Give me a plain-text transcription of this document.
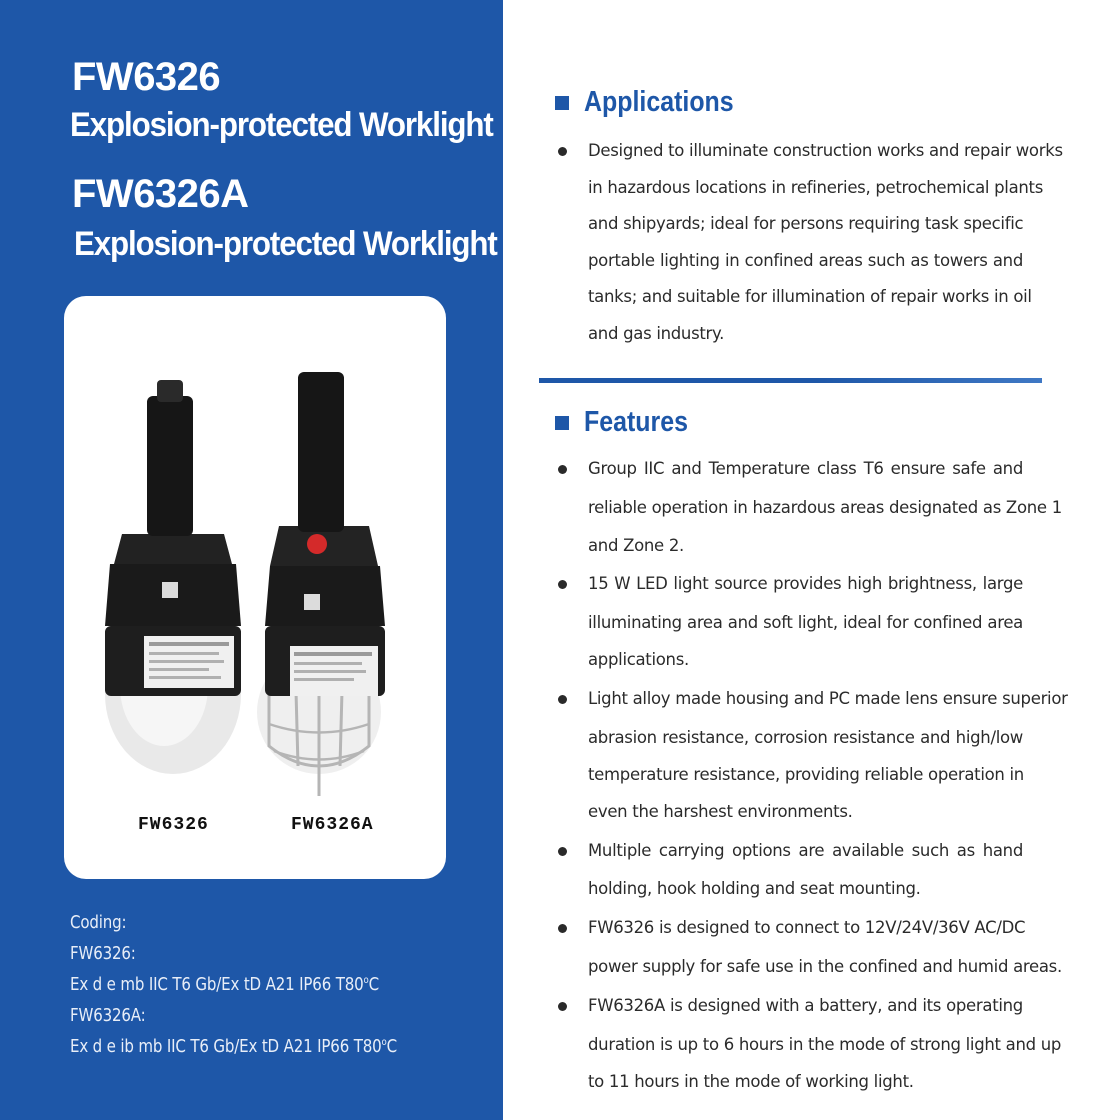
FW6326
Explosion-protected Worklight
FW6326A
Explosion-protected Worklight
FW6326	FW6326A
Coding:
FW6326:
Ex d e mb IIC T6 Gb/Ex tD A21 IP66 T80$^o$C
FW6326A:
Ex d e ib mb IIC T6 Gb/Ex tD A21 IP66 T80$^o$C
Applications
Designed to illuminate construction works and repair works
in hazardous locations in refineries, petrochemical plants
and shipyards; ideal for persons requiring task specific
portable lighting in confined areas such as towers and
tanks; and suitable for illumination of repair works in oil
and gas industry.
Features
Group IIC and Temperature class T6 ensure safe and
reliable operation in hazardous areas designated as Zone 1
and Zone 2.
15 W LED light source provides high brightness, large
illuminating area and soft light, ideal for confined area
applications.
Light alloy made housing and PC made lens ensure superior
abrasion resistance, corrosion resistance and high/low
temperature resistance, providing reliable operation in
even the harshest environments.
Multiple carrying options are available such as hand
holding, hook holding and seat mounting.
FW6326 is designed to connect to 12V/24V/36V AC/DC
power supply for safe use in the confined and humid areas.
FW6326A is designed with a battery, and its operating
duration is up to 6 hours in the mode of strong light and up
to 11 hours in the mode of working light.
